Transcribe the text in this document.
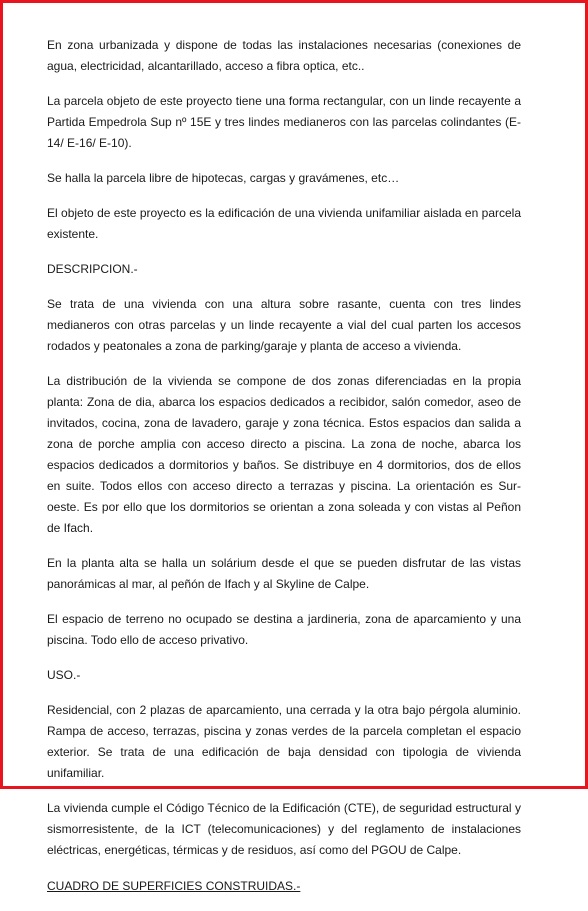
En zona urbanizada y dispone de todas las instalaciones necesarias (conexiones de agua, electricidad, alcantarillado, acceso a fibra optica, etc..

La parcela objeto de este proyecto tiene una forma rectangular, con un linde recayente a Partida Empedrola Sup nº 15E y tres lindes medianeros con las parcelas colindantes (E-14/ E-16/ E-10).

Se halla la parcela libre de hipotecas, cargas y gravámenes, etc…

El objeto de este proyecto es la edificación de una vivienda unifamiliar aislada en parcela existente.

DESCRIPCION.-

Se trata de una vivienda con una altura sobre rasante, cuenta con tres lindes medianeros con otras parcelas y un linde recayente a vial del cual parten los accesos rodados y peatonales a zona de parking/garaje y planta de acceso a vivienda.

La distribución de la vivienda se compone de dos zonas diferenciadas en la propia planta: Zona de dia, abarca los espacios dedicados a recibidor, salón comedor, aseo de invitados, cocina, zona de lavadero, garaje y zona técnica. Estos espacios dan salida a zona de porche amplia con acceso directo a piscina. La zona de noche, abarca los espacios dedicados a dormitorios y baños. Se distribuye en 4 dormitorios, dos de ellos en suite. Todos ellos con acceso directo a terrazas y piscina. La orientación es Sur-oeste. Es por ello que los dormitorios se orientan a zona soleada y con vistas al Peñon de Ifach.

En la planta alta se halla un solárium desde el que se pueden disfrutar de las vistas panorámicas al mar, al peñón de Ifach y al Skyline de Calpe.

El espacio de terreno no ocupado se destina a jardineria, zona de aparcamiento y una piscina. Todo ello de acceso privativo.

USO.-

Residencial, con 2 plazas de aparcamiento, una cerrada y la otra bajo pérgola aluminio. Rampa de acceso, terrazas, piscina y zonas verdes de la parcela completan el espacio exterior. Se trata de una edificación de baja densidad con tipologia de vivienda unifamiliar.

La vivienda cumple el Código Técnico de la Edificación (CTE), de seguridad estructural y sismorresistente, de la ICT (telecomunicaciones) y del reglamento de instalaciones eléctricas, energéticas, térmicas y de residuos, así como del PGOU de Calpe.

CUADRO DE SUPERFICIES CONSTRUIDAS.-
